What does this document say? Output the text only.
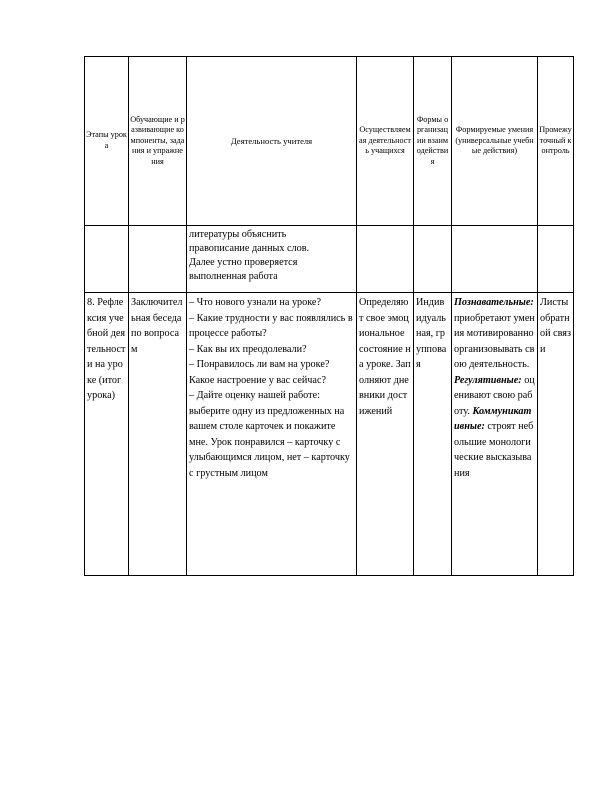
Этапы урока	Обучающие и развивающие компоненты, задания и упражнения	Деятельность учителя	Осуществляемая деятельность учащихся	Формы организации взаимодействия	Формируемые умения (универсальные учебные действия)	Промежуточный контроль

		литературы объяснить
правописание данных слов.
Далее устно проверяется
выполненная работа				

8. Рефлексия учебной деятельности на уроке (итог урока)	Заключительная беседа по вопросам	– Что нового узнали на уроке?
– Какие трудности у вас появлялись в процессе работы?
– Как вы их преодолевали?
– Понравилось ли вам на уроке? Какое настроение у вас сейчас?
– Дайте оценку нашей работе: выберите одну из предложенных на вашем столе карточек и покажите мне. Урок понравился – карточку с улыбающимся лицом, нет – карточку с грустным лицом	Определяют свое эмоциональное состояние на уроке. Заполняют дневники достижений	Индивидуальная, групповая	Познавательные: приобретают умения мотивированно организовывать свою деятельность. Регулятивные: оценивают свою работу. Коммуникативные: строят небольшие монологические высказывания	Листы обратной связи
